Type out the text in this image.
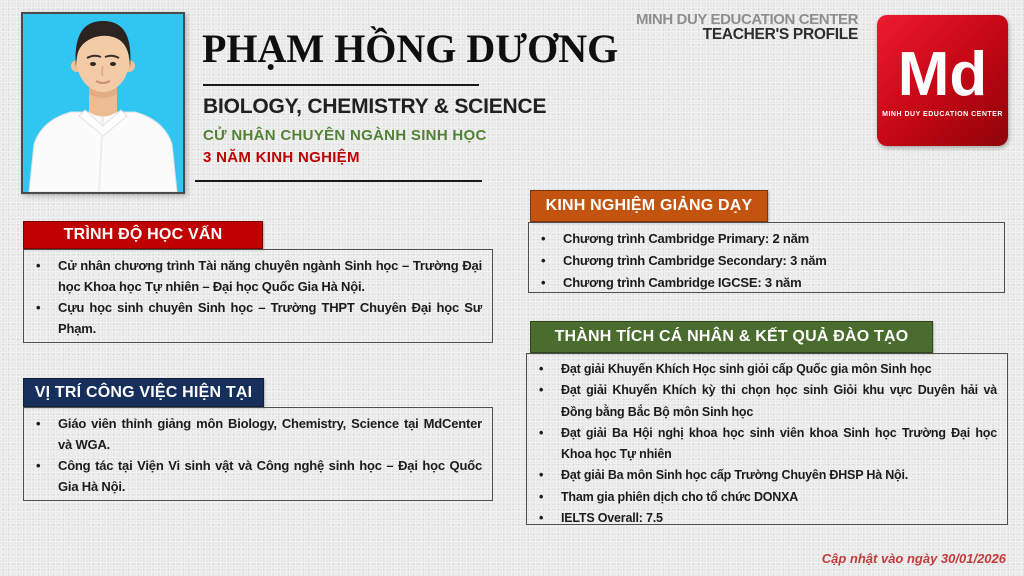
PHẠM HỒNG DƯƠNG
BIOLOGY, CHEMISTRY & SCIENCE
CỬ NHÂN CHUYÊN NGÀNH SINH HỌC
3 NĂM KINH NGHIỆM
MINH DUY EDUCATION CENTER
TEACHER'S PROFILE
Md
MINH DUY EDUCATION CENTER
TRÌNH ĐỘ HỌC VẤN
• Cử nhân chương trình Tài năng chuyên ngành Sinh học – Trường Đại học Khoa học Tự nhiên – Đại học Quốc Gia Hà Nội.
• Cựu học sinh chuyên Sinh học – Trường THPT Chuyên Đại học Sư Phạm.
VỊ TRÍ CÔNG VIỆC HIỆN TẠI
• Giáo viên thỉnh giảng môn Biology, Chemistry, Science tại MdCenter và WGA.
• Công tác tại Viện Vi sinh vật và Công nghệ sinh học – Đại học Quốc Gia Hà Nội.
KINH NGHIỆM GIẢNG DẠY
• Chương trình Cambridge Primary: 2 năm
• Chương trình Cambridge Secondary: 3 năm
• Chương trình Cambridge IGCSE: 3 năm
THÀNH TÍCH CÁ NHÂN & KẾT QUẢ ĐÀO TẠO
• Đạt giải Khuyến Khích Học sinh giỏi cấp Quốc gia môn Sinh học
• Đạt giải Khuyến Khích kỳ thi chọn học sinh Giỏi khu vực Duyên hải và Đồng bằng Bắc Bộ môn Sinh học
• Đạt giải Ba Hội nghị khoa học sinh viên khoa Sinh học Trường Đại học Khoa học Tự nhiên
• Đạt giải Ba môn Sinh học cấp Trường Chuyên ĐHSP Hà Nội.
• Tham gia phiên dịch cho tổ chức DONXA
• IELTS Overall: 7.5
Cập nhật vào ngày 30/01/2026
